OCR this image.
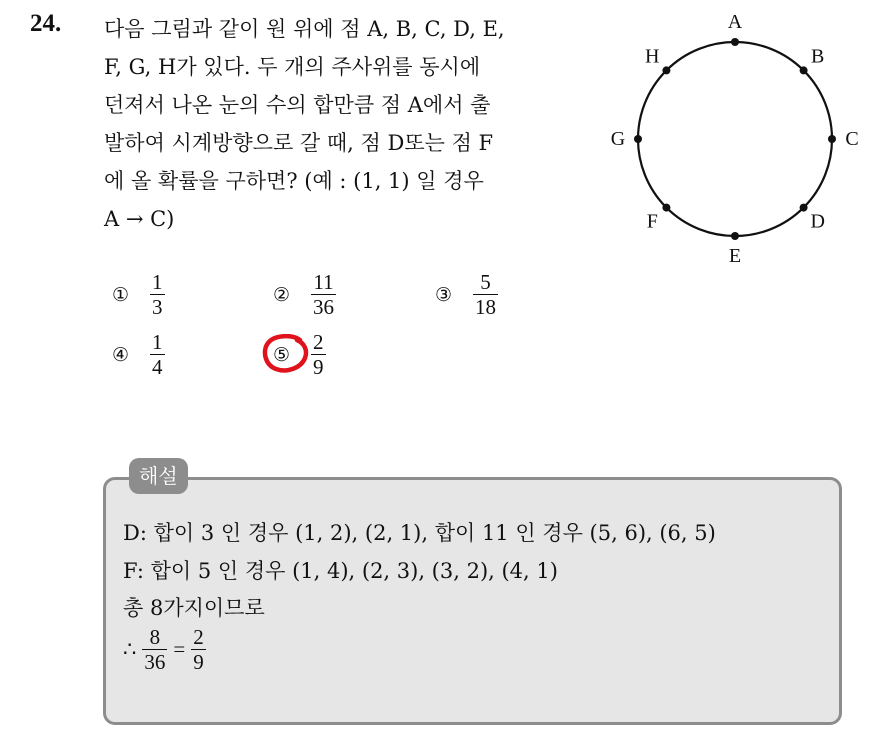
24. 다음 그림과 같이 원 위에 점 A, B, C, D, E,
F, G, H가 있다. 두 개의 주사위를 동시에
던져서 나온 눈의 수의 합만큼 점 A에서 출
발하여 시계방향으로 갈 때, 점 D또는 점 F
에 올 확률을 구하면? (예 : (1, 1) 일 경우
A → C)
A
B
C
D
E
F
G
H
① $\frac{1}{3}$	② $\frac{11}{36}$	③ $\frac{5}{18}$
④ $\frac{1}{4}$	⑤ $\frac{2}{9}$
해설
D: 합이 3 인 경우 (1, 2), (2, 1), 합이 11 인 경우 (5, 6), (6, 5)
F: 합이 5 인 경우 (1, 4), (2, 3), (3, 2), (4, 1)
총 8가지이므로
∴ $\frac{8}{36} = \frac{2}{9}$
